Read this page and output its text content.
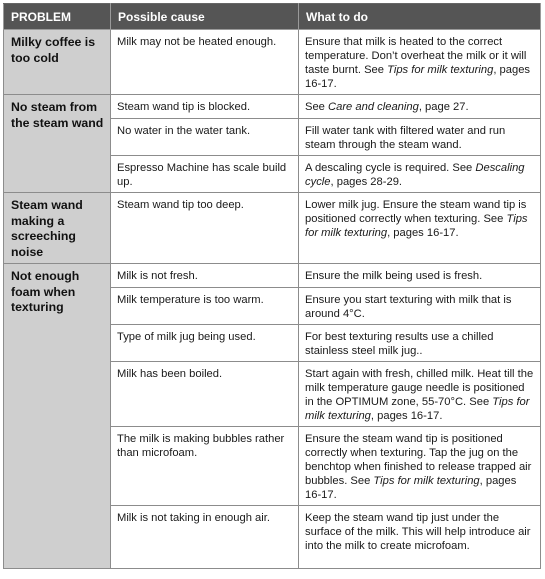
PROBLEM	Possible cause	What to do
Milky coffee is too cold	Milk may not be heated enough.	Ensure that milk is heated to the correct temperature. Don’t overheat the milk or it will taste burnt. See Tips for milk texturing, pages 16-17.
No steam from the steam wand	Steam wand tip is blocked.	See Care and cleaning, page 27.
	No water in the water tank.	Fill water tank with filtered water and run steam through the steam wand.
	Espresso Machine has scale build up.	A descaling cycle is required. See Descaling cycle, pages 28-29.
Steam wand making a screeching noise	Steam wand tip too deep.	Lower milk jug. Ensure the steam wand tip is positioned correctly when texturing. See Tips for milk texturing, pages 16-17.
Not enough foam when texturing	Milk is not fresh.	Ensure the milk being used is fresh.
	Milk temperature is too warm.	Ensure you start texturing with milk that is around 4°C.
	Type of milk jug being used.	For best texturing results use a chilled stainless steel milk jug..
	Milk has been boiled.	Start again with fresh, chilled milk. Heat till the milk temperature gauge needle is positioned in the OPTIMUM zone, 55-70°C. See Tips for milk texturing, pages 16-17.
	The milk is making bubbles rather than microfoam.	Ensure the steam wand tip is positioned correctly when texturing. Tap the jug on the benchtop when finished to release trapped air bubbles. See Tips for milk texturing, pages 16-17.
	Milk is not taking in enough air.	Keep the steam wand tip just under the surface of the milk. This will help introduce air into the milk to create microfoam.
